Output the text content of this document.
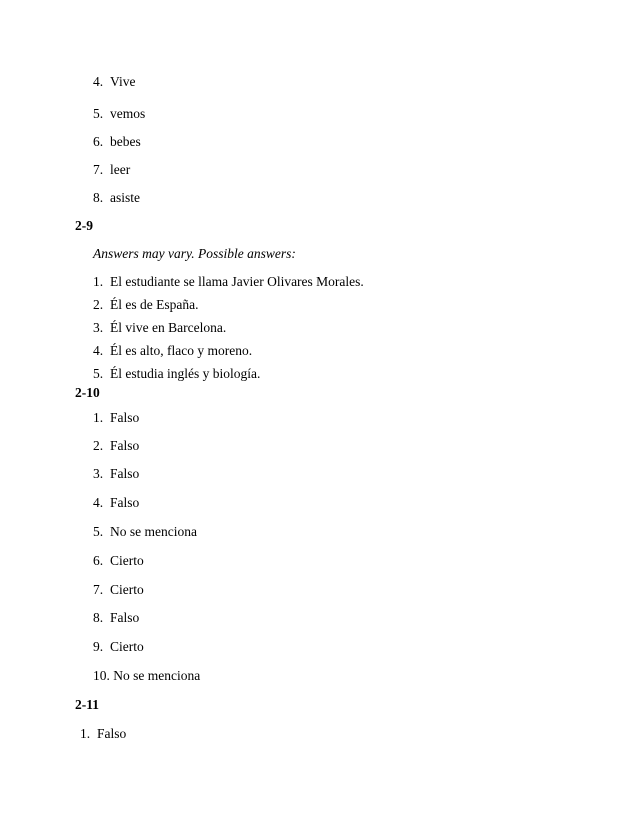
4. Vive
5. vemos
6. bebes
7. leer
8. asiste
2-9
Answers may vary. Possible answers:
1. El estudiante se llama Javier Olivares Morales.
2. Él es de España.
3. Él vive en Barcelona.
4. Él es alto, flaco y moreno.
5. Él estudia inglés y biología.
2-10
1. Falso
2. Falso
3. Falso
4. Falso
5. No se menciona
6. Cierto
7. Cierto
8. Falso
9. Cierto
10. No se menciona
2-11
1. Falso
